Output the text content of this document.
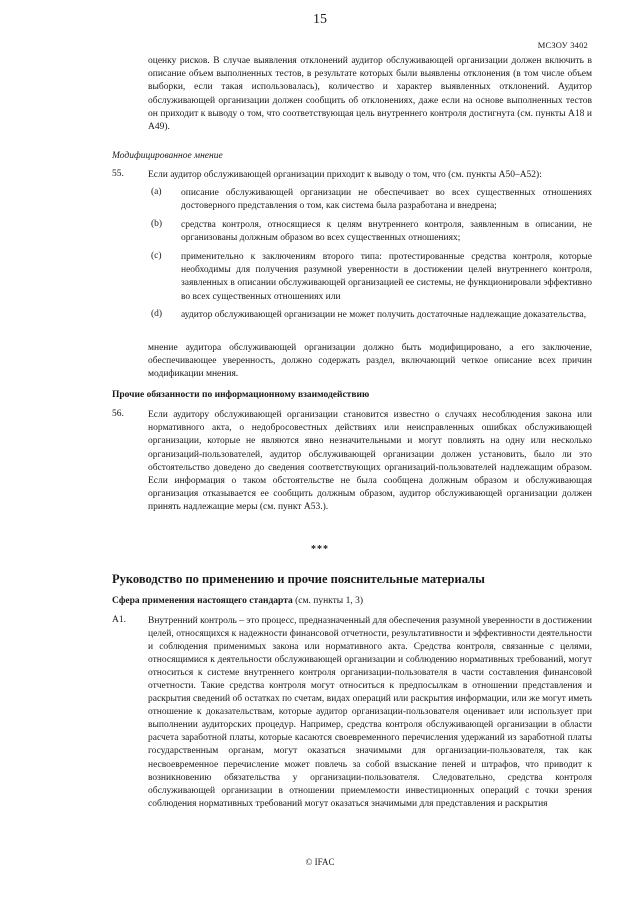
15
МСЗОУ 3402
оценку рисков. В случае выявления отклонений аудитор обслуживающей организации должен включить в описание объем выполненных тестов, в результате которых были выявлены отклонения (в том числе объем выборки, если такая использовалась), количество и характер выявленных отклонений. Аудитор обслуживающей организации должен сообщить об отклонениях, даже если на основе выполненных тестов он приходит к выводу о том, что соответствующая цель внутреннего контроля достигнута (см. пункты A18 и A49).
Модифицированное мнение
55.	Если аудитор обслуживающей организации приходит к выводу о том, что (см. пункты A50–A52):
(a) описание обслуживающей организации не обеспечивает во всех существенных отношениях достоверного представления о том, как система была разработана и внедрена;
(b) средства контроля, относящиеся к целям внутреннего контроля, заявленным в описании, не организованы должным образом во всех существенных отношениях;
(c) применительно к заключениям второго типа: протестированные средства контроля, которые необходимы для получения разумной уверенности в достижении целей внутреннего контроля, заявленных в описании обслуживающей организацией ее системы, не функционировали эффективно во всех существенных отношениях или
(d) аудитор обслуживающей организации не может получить достаточные надлежащие доказательства,
мнение аудитора обслуживающей организации должно быть модифицировано, а его заключение, обеспечивающее уверенность, должно содержать раздел, включающий четкое описание всех причин модификации мнения.
Прочие обязанности по информационному взаимодействию
56.	Если аудитору обслуживающей организации становится известно о случаях несоблюдения закона или нормативного акта, о недобросовестных действиях или неисправленных ошибках обслуживающей организации, которые не являются явно незначительными и могут повлиять на одну или несколько организаций-пользователей, аудитор обслуживающей организации должен установить, было ли это обстоятельство доведено до сведения соответствующих организаций-пользователей надлежащим образом. Если информация о таком обстоятельстве не была сообщена должным образом и обслуживающая организация отказывается ее сообщить должным образом, аудитор обслуживающей организации должен принять надлежащие меры (см. пункт A53.).
***
Руководство по применению и прочие пояснительные материалы
Сфера применения настоящего стандарта (см. пункты 1, 3)
A1. Внутренний контроль – это процесс, предназначенный для обеспечения разумной уверенности в достижении целей, относящихся к надежности финансовой отчетности, результативности и эффективности деятельности и соблюдения применимых закона или нормативного акта. Средства контроля, связанные с целями, относящимися к деятельности обслуживающей организации и соблюдению нормативных требований, могут относиться к системе внутреннего контроля организации-пользователя в части составления финансовой отчетности. Такие средства контроля могут относиться к предпосылкам в отношении представления и раскрытия сведений об остатках по счетам, видах операций или раскрытия информации, или же могут иметь отношение к доказательствам, которые аудитор организации-пользователя оценивает или использует при выполнении аудиторских процедур. Например, средства контроля обслуживающей организации в области расчета заработной платы, которые касаются своевременного перечисления удержаний из заработной платы государственным органам, могут оказаться значимыми для организации-пользователя, так как несвоевременное перечисление может повлечь за собой взыскание пеней и штрафов, что приводит к возникновению обязательства у организации-пользователя. Следовательно, средства контроля обслуживающей организации в отношении приемлемости инвестиционных операций с точки зрения соблюдения нормативных требований могут оказаться значимыми для представления и раскрытия
© IFAC
